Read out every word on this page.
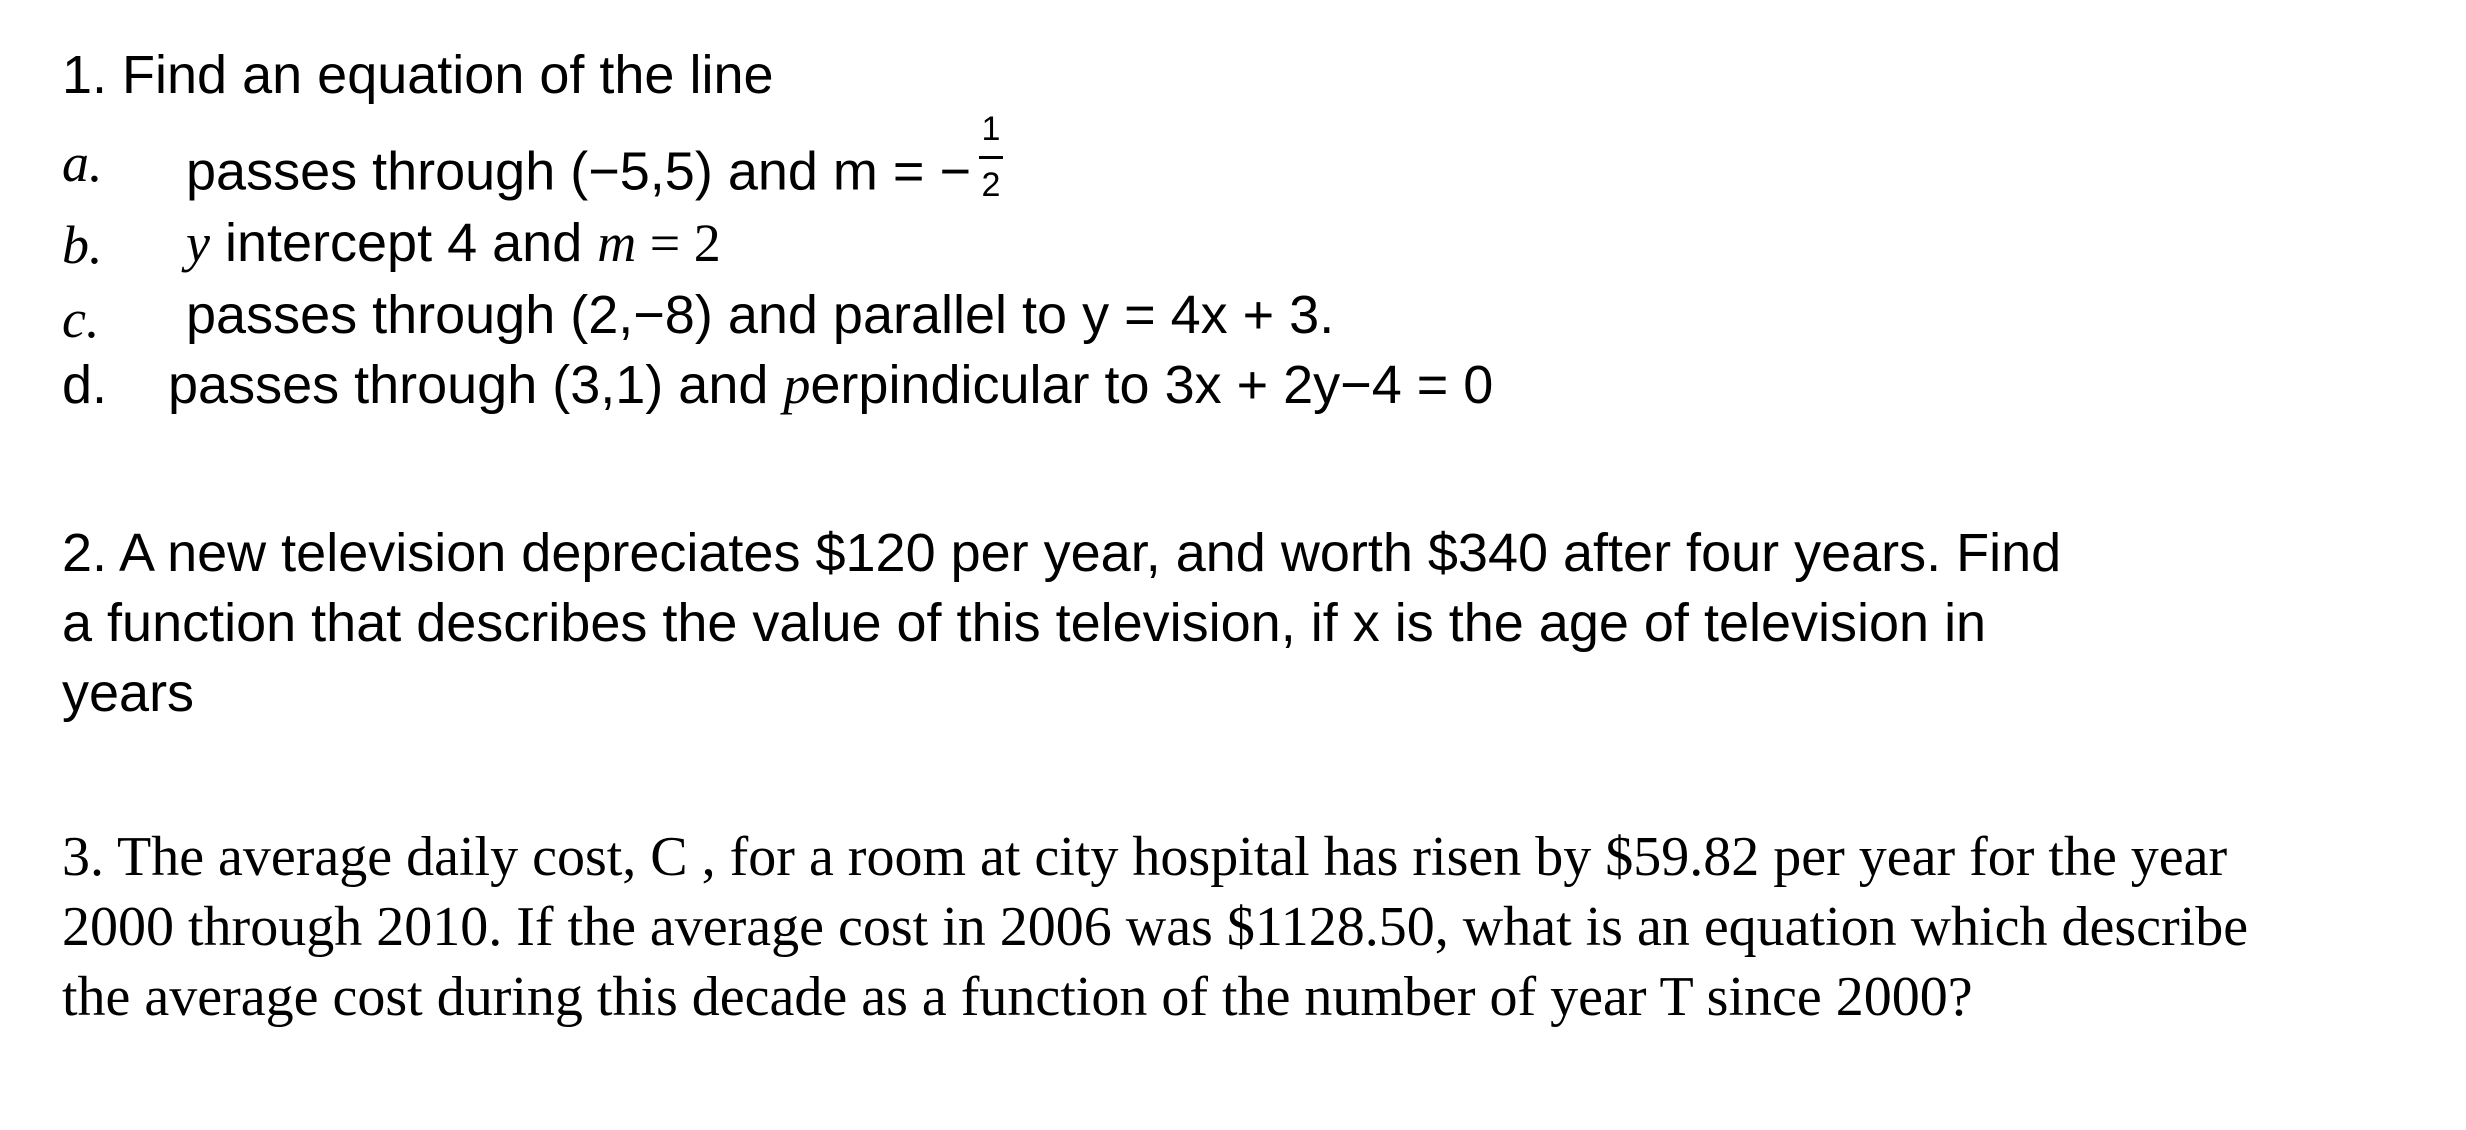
1. Find an equation of the line
a. passes through (−5,5) and m = − $\frac{1}{2}$
b. y intercept 4 and m = 2
c. passes through (2,−8) and parallel to y = 4x + 3.
d. passes through (3,1) and perpindicular to 3x + 2y−4 = 0
2. A new television depreciates $120 per year, and worth $340 after four years. Find
a function that describes the value of this television, if x is the age of television in
years
3. The average daily cost, C , for a room at city hospital has risen by $59.82 per year for the year
2000 through 2010. If the average cost in 2006 was $1128.50, what is an equation which describe
the average cost during this decade as a function of the number of year T since 2000?
